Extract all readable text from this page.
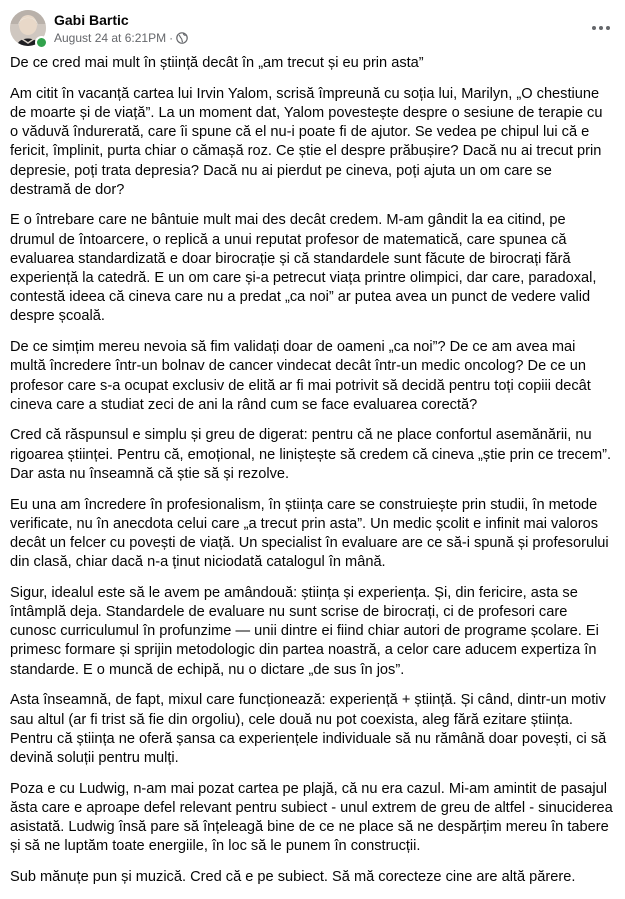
Gabi Bartic
August 24 at 6:21PM ·

De ce cred mai mult în știință decât în „am trecut și eu prin asta”

Am citit în vacanță cartea lui Irvin Yalom, scrisă împreună cu soția lui, Marilyn, „O chestiune de moarte și de viață”. La un moment dat, Yalom povestește despre o sesiune de terapie cu o văduvă îndurerată, care îi spune că el nu-i poate fi de ajutor. Se vedea pe chipul lui că e fericit, împlinit, purta chiar o cămașă roz. Ce știe el despre prăbușire? Dacă nu ai trecut prin depresie, poți trata depresia? Dacă nu ai pierdut pe cineva, poți ajuta un om care se destramă de dor?

E o întrebare care ne bântuie mult mai des decât credem. M-am gândit la ea citind, pe drumul de întoarcere, o replică a unui reputat profesor de matematică, care spunea că evaluarea standardizată e doar birocrație și că standardele sunt făcute de birocrați fără experiență la catedră. E un om care și-a petrecut viața printre olimpici, dar care, paradoxal, contestă ideea că cineva care nu a predat „ca noi” ar putea avea un punct de vedere valid despre școală.

De ce simțim mereu nevoia să fim validați doar de oameni „ca noi”? De ce am avea mai multă încredere într-un bolnav de cancer vindecat decât într-un medic oncolog? De ce un profesor care s-a ocupat exclusiv de elită ar fi mai potrivit să decidă pentru toți copiii decât cineva care a studiat zeci de ani la rând cum se face evaluarea corectă?

Cred că răspunsul e simplu și greu de digerat: pentru că ne place confortul asemănării, nu rigoarea științei. Pentru că, emoțional, ne liniștește să credem că cineva „știe prin ce trecem”. Dar asta nu înseamnă că știe să și rezolve.

Eu una am încredere în profesionalism, în știința care se construiește prin studii, în metode verificate, nu în anecdota celui care „a trecut prin asta”. Un medic școlit e infinit mai valoros decât un felcer cu povești de viață. Un specialist în evaluare are ce să-i spună și profesorului din clasă, chiar dacă n-a ținut niciodată catalogul în mână.

Sigur, idealul este să le avem pe amândouă: știința și experiența. Și, din fericire, asta se întâmplă deja. Standardele de evaluare nu sunt scrise de birocrați, ci de profesori care cunosc curriculumul în profunzime — unii dintre ei fiind chiar autori de programe școlare. Ei primesc formare și sprijin metodologic din partea noastră, a celor care aducem expertiza în standarde. E o muncă de echipă, nu o dictare „de sus în jos”.

Asta înseamnă, de fapt, mixul care funcționează: experiență + știință. Și când, dintr-un motiv sau altul (ar fi trist să fie din orgoliu), cele două nu pot coexista, aleg fără ezitare știința. Pentru că știința ne oferă șansa ca experiențele individuale să nu rămână doar povești, ci să devină soluții pentru mulți.

Poza e cu Ludwig, n-am mai pozat cartea pe plajă, că nu era cazul. Mi-am amintit de pasajul ăsta care e aproape defel relevant pentru subiect - unul extrem de greu de altfel - sinuciderea asistată. Ludwig însă pare să înțeleagă bine de ce ne place să ne despărțim mereu în tabere și să ne luptăm toate energiile, în loc să le punem în construcții.

Sub mănuțe pun și muzică. Cred că e pe subiect. Să mă corecteze cine are altă părere.
